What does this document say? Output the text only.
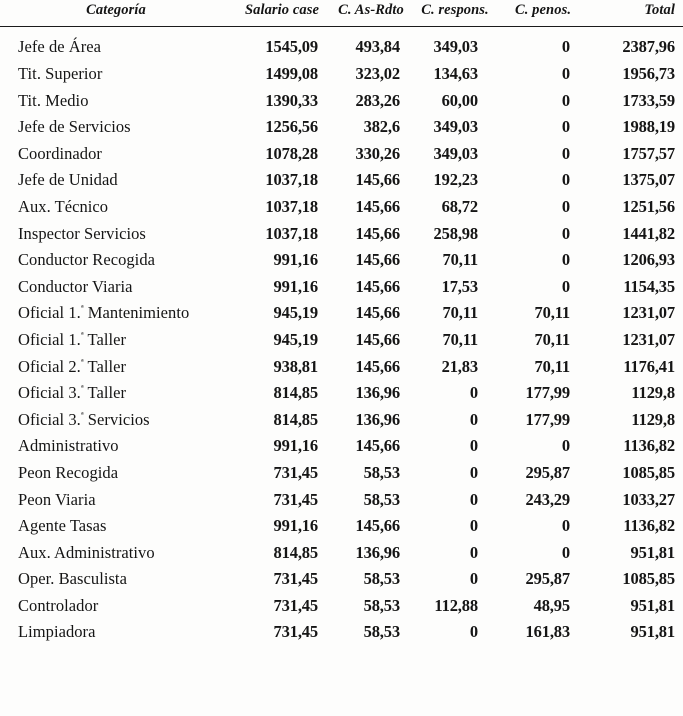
Categoría	Salario case	C. As-Rdto	C. respons.	C. penos.	Total
Jefe de Área	1545,09	493,84	349,03	0	2387,96
Tit. Superior	1499,08	323,02	134,63	0	1956,73
Tit. Medio	1390,33	283,26	60,00	0	1733,59
Jefe de Servicios	1256,56	382,6	349,03	0	1988,19
Coordinador	1078,28	330,26	349,03	0	1757,57
Jefe de Unidad	1037,18	145,66	192,23	0	1375,07
Aux. Técnico	1037,18	145,66	68,72	0	1251,56
Inspector Servicios	1037,18	145,66	258,98	0	1441,82
Conductor Recogida	991,16	145,66	70,11	0	1206,93
Conductor Viaria	991,16	145,66	17,53	0	1154,35
Oficial 1.$^ª$ Mantenimiento	945,19	145,66	70,11	70,11	1231,07
Oficial 1.$^ª$ Taller	945,19	145,66	70,11	70,11	1231,07
Oficial 2.$^ª$ Taller	938,81	145,66	21,83	70,11	1176,41
Oficial 3.$^ª$ Taller	814,85	136,96	0	177,99	1129,8
Oficial 3.$^ª$ Servicios	814,85	136,96	0	177,99	1129,8
Administrativo	991,16	145,66	0	0	1136,82
Peon Recogida	731,45	58,53	0	295,87	1085,85
Peon Viaria	731,45	58,53	0	243,29	1033,27
Agente Tasas	991,16	145,66	0	0	1136,82
Aux. Administrativo	814,85	136,96	0	0	951,81
Oper. Basculista	731,45	58,53	0	295,87	1085,85
Controlador	731,45	58,53	112,88	48,95	951,81
Limpiadora	731,45	58,53	0	161,83	951,81
